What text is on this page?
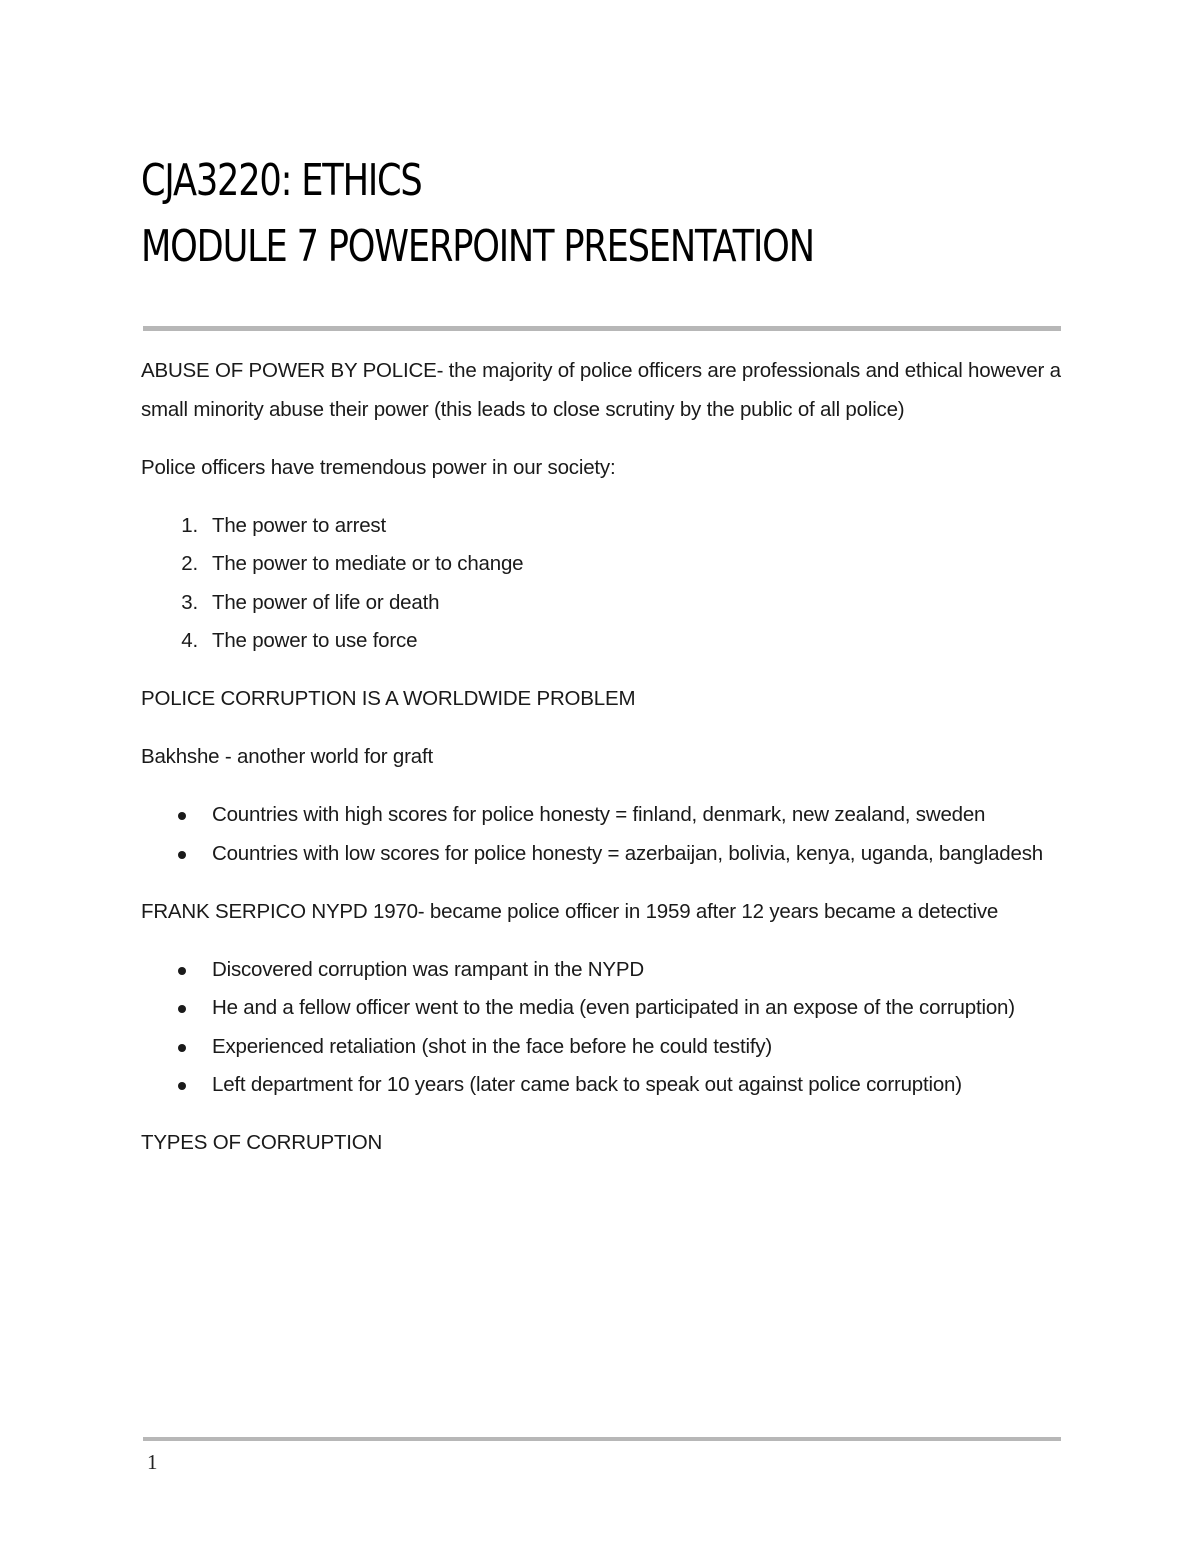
CJA3220: ETHICS
MODULE 7 POWERPOINT PRESENTATION

ABUSE OF POWER BY POLICE- the majority of police officers are professionals and ethical however a small minority abuse their power (this leads to close scrutiny by the public of all police)

Police officers have tremendous power in our society:

1. The power to arrest
2. The power to mediate or to change
3. The power of life or death
4. The power to use force

POLICE CORRUPTION IS A WORLDWIDE PROBLEM

Bakhshe - another world for graft

Countries with high scores for police honesty = finland, denmark, new zealand, sweden
Countries with low scores for police honesty = azerbaijan, bolivia, kenya, uganda, bangladesh

FRANK SERPICO NYPD 1970- became police officer in 1959 after 12 years became a detective

Discovered corruption was rampant in the NYPD
He and a fellow officer went to the media (even participated in an expose of the corruption)
Experienced retaliation (shot in the face before he could testify)
Left department for 10 years (later came back to speak out against police corruption)

TYPES OF CORRUPTION

1
